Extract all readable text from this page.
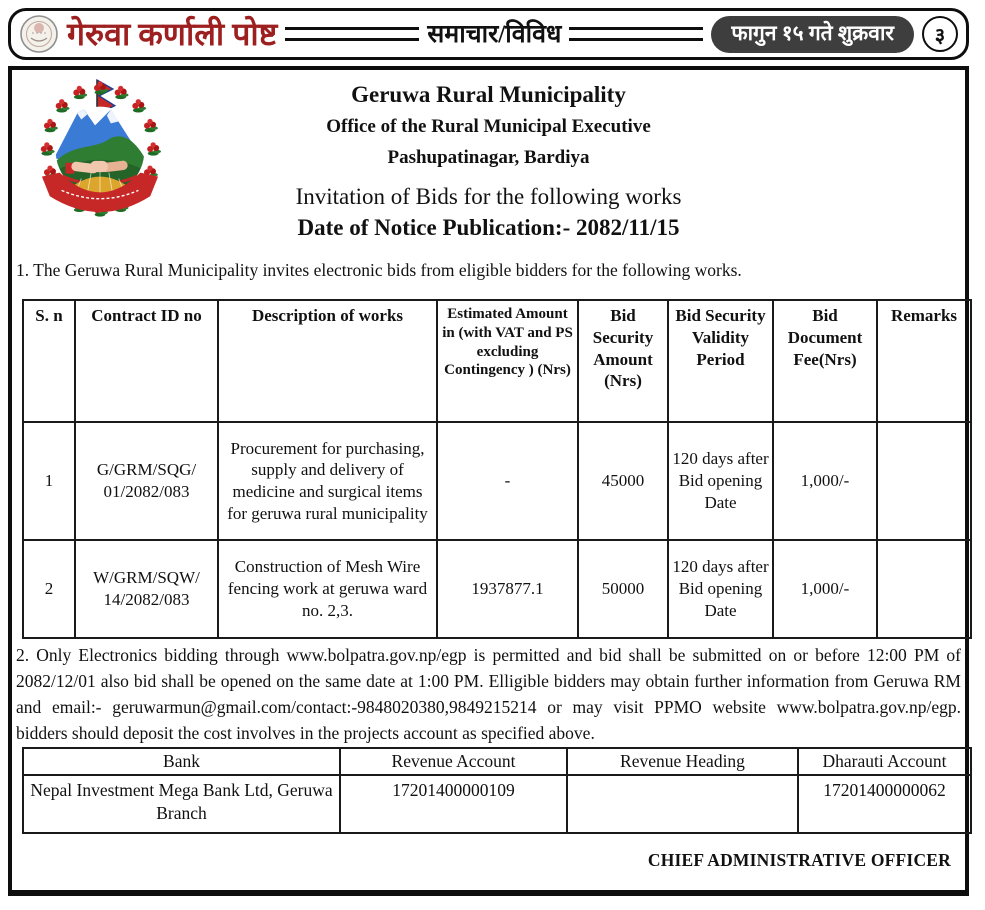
गेरुवा कर्णाली पोष्ट	समाचार/विविध	फागुन १५ गते शुक्रवार	३
Geruwa Rural Municipality
Office of the Rural Municipal Executive
Pashupatinagar, Bardiya
Invitation of Bids for the following works
Date of Notice Publication:- 2082/11/15

1. The Geruwa Rural Municipality invites electronic bids from eligible bidders for the following works.

S. n	Contract ID no	Description of works	Estimated Amount in (with VAT and PS excluding Contingency ) (Nrs)	Bid Security Amount (Nrs)	Bid Security Validity Period	Bid Document Fee(Nrs)	Remarks
1	G/GRM/SQG/ 01/2082/083	Procurement for purchasing, supply and delivery of medicine and surgical items for geruwa rural municipality	-	45000	120 days after Bid opening Date	1,000/-	
2	W/GRM/SQW/ 14/2082/083	Construction of Mesh Wire fencing work at geruwa ward no. 2,3.	1937877.1	50000	120 days after Bid opening Date	1,000/-	

2. Only Electronics bidding through www.bolpatra.gov.np/egp is permitted and bid shall be submitted on or before 12:00 PM of 2082/12/01 also bid shall be opened on the same date at 1:00 PM. Elligible bidders may obtain further information from Geruwa RM and email:- geruwarmun@gmail.com/contact:-9848020380,9849215214 or may visit PPMO website www.bolpatra.gov.np/egp. bidders should deposit the cost involves in the projects account as specified above.

Bank	Revenue Account	Revenue Heading	Dharauti Account
Nepal Investment Mega Bank Ltd, Geruwa Branch	17201400000109		17201400000062
CHIEF ADMINISTRATIVE OFFICER
